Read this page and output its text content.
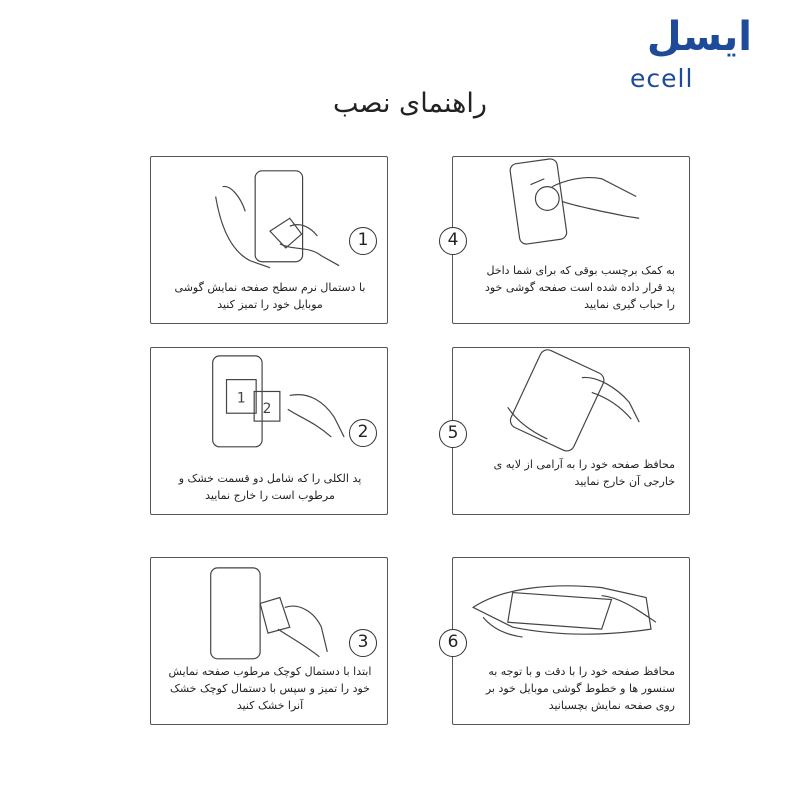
ایسل
ecell
راهنمای نصب
1
با دستمال نرم سطح صفحه نمایش گوشی موبایل خود را تمیز کنید
4
به کمک برچسب بوقی که برای شما داخل پد قرار داده شده است صفحه گوشی خود را حباب گیری نمایید
1
2
2
پد الکلی را که شامل دو قسمت خشک و مرطوب است را خارج نمایید
5
محافظ صفحه خود را به آرامی از لایه ی خارجی آن خارج نمایید
3
ابتدا با دستمال کوچک مرطوب صفحه نمایش خود را تمیز و سپس با دستمال کوچک خشک آنرا خشک کنید
6
محافظ صفحه خود را با دقت و با توجه به سنسور ها و خطوط گوشی موبایل خود بر روی صفحه نمایش بچسبانید
